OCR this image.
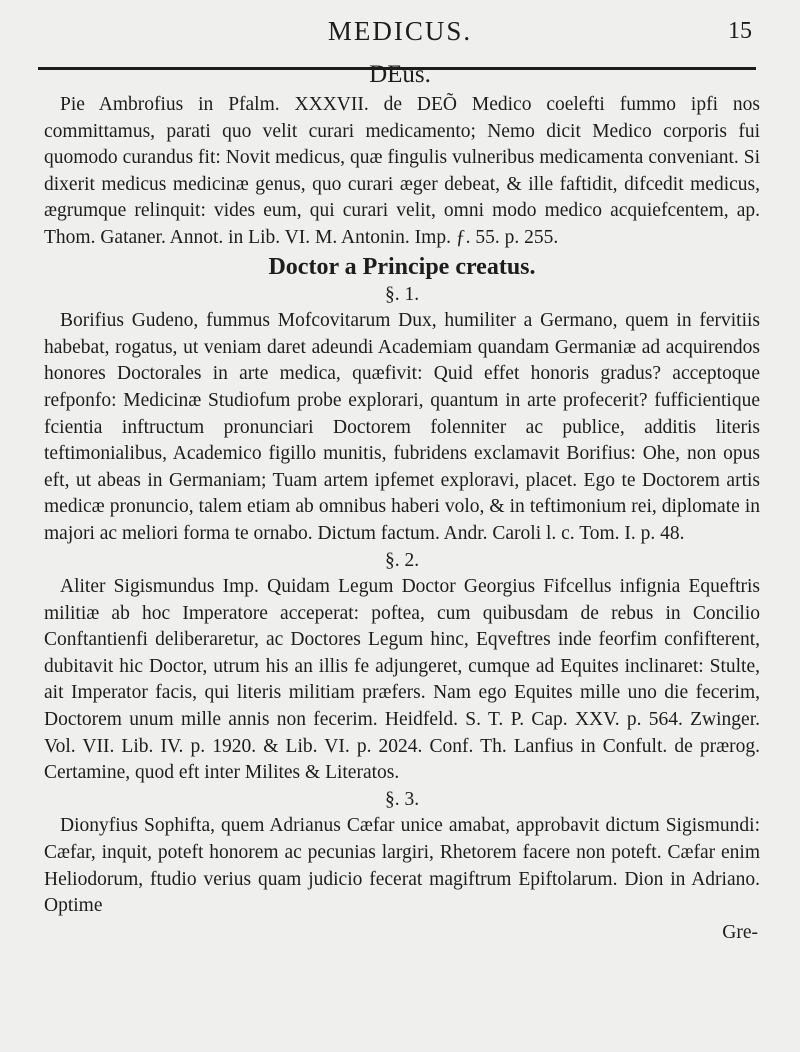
MEDICUS.	15
DEus.

Pie Ambrofius in Pfalm. XXXVII. de DEÕ Medico coelefti fummo ipfi nos committamus, parati quo velit curari medicamento; Nemo dicit Medico corporis fui quomodo curandus fit: Novit medicus, quæ fingulis vulneribus medicamenta conveniant. Si dixerit medicus medicinæ genus, quo curari æger debeat, & ille faftidit, difcedit medicus, ægrumque relinquit: vides eum, qui curari velit, omni modo medico acquiefcentem, ap. Thom. Gataner. Annot. in Lib. VI. M. Antonin. Imp. ƒ. 55. p. 255.

Doctor a Principe creatus.

§. 1.

Borifius Gudeno, fummus Mofcovitarum Dux, humiliter a Germano, quem in fervitiis habebat, rogatus, ut veniam daret adeundi Academiam quandam Germaniæ ad acquirendos honores Doctorales in arte medica, quæfivit: Quid effet honoris gradus? acceptoque refponfo: Medicinæ Studiofum probe explorari, quantum in arte profecerit? fufficientique fcientia inftructum pronunciari Doctorem folenniter ac publice, additis literis teftimonialibus, Academico figillo munitis, fubridens exclamavit Borifius: Ohe, non opus eft, ut abeas in Germaniam; Tuam artem ipfemet exploravi, placet. Ego te Doctorem artis medicæ pronuncio, talem etiam ab omnibus haberi volo, & in teftimonium rei, diplomate in majori ac meliori forma te ornabo. Dictum factum. Andr. Caroli l. c. Tom. I. p. 48.

§. 2.

Aliter Sigismundus Imp. Quidam Legum Doctor Georgius Fifcellus infignia Equeftris militiæ ab hoc Imperatore acceperat: poftea, cum quibusdam de rebus in Concilio Conftantienfi deliberaretur, ac Doctores Legum hinc, Eqveftres inde feorfim confifterent, dubitavit hic Doctor, utrum his an illis fe adjungeret, cumque ad Equites inclinaret: Stulte, ait Imperator facis, qui literis militiam præfers. Nam ego Equites mille uno die fecerim, Doctorem unum mille annis non fecerim. Heidfeld. S. T. P. Cap. XXV. p. 564. Zwinger. Vol. VII. Lib. IV. p. 1920. & Lib. VI. p. 2024. Conf. Th. Lanfius in Confult. de prærog. Certamine, quod eft inter Milites & Literatos.

§. 3.

Dionyfius Sophifta, quem Adrianus Cæfar unice amabat, approbavit dictum Sigismundi: Cæfar, inquit, poteft honorem ac pecunias largiri, Rhetorem facere non poteft. Cæfar enim Heliodorum, ftudio verius quam judicio fecerat magiftrum Epiftolarum. Dion in Adriano. Optime

Gre-
